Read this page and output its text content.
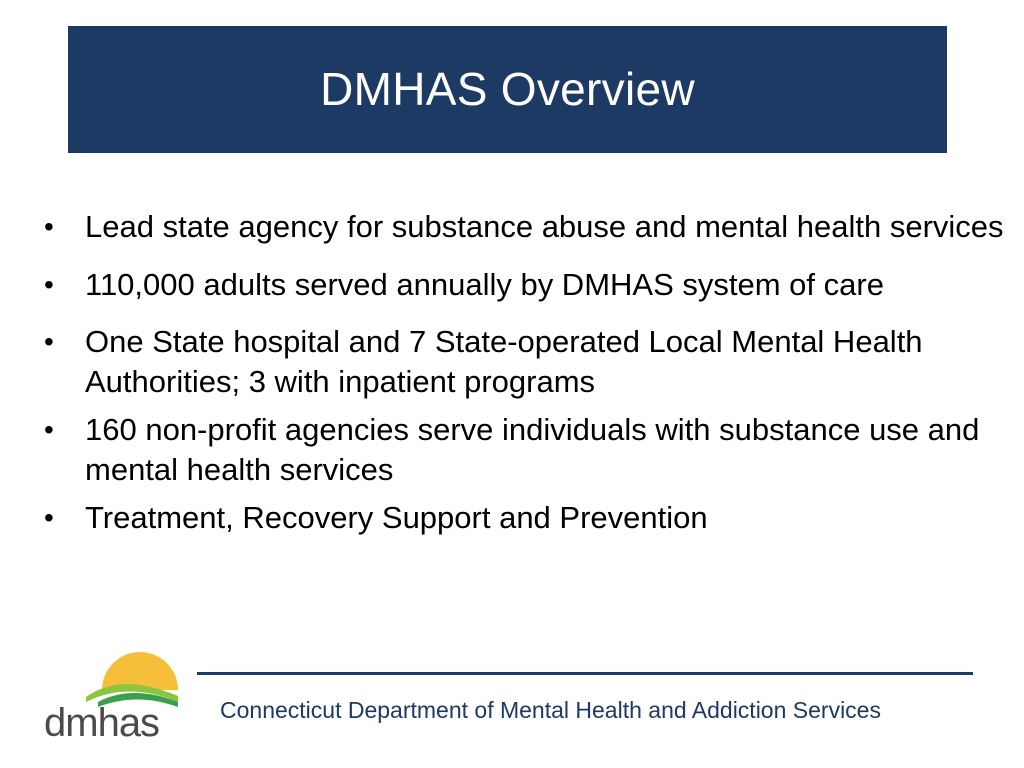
DMHAS Overview
• Lead state agency for substance abuse and mental health services
• 110,000 adults served annually by DMHAS system of care
• One State hospital and 7 State-operated Local Mental Health Authorities; 3 with inpatient programs
• 160 non-profit agencies serve individuals with substance use and mental health services
• Treatment, Recovery Support and Prevention
dmhas	Connecticut Department of Mental Health and Addiction Services
